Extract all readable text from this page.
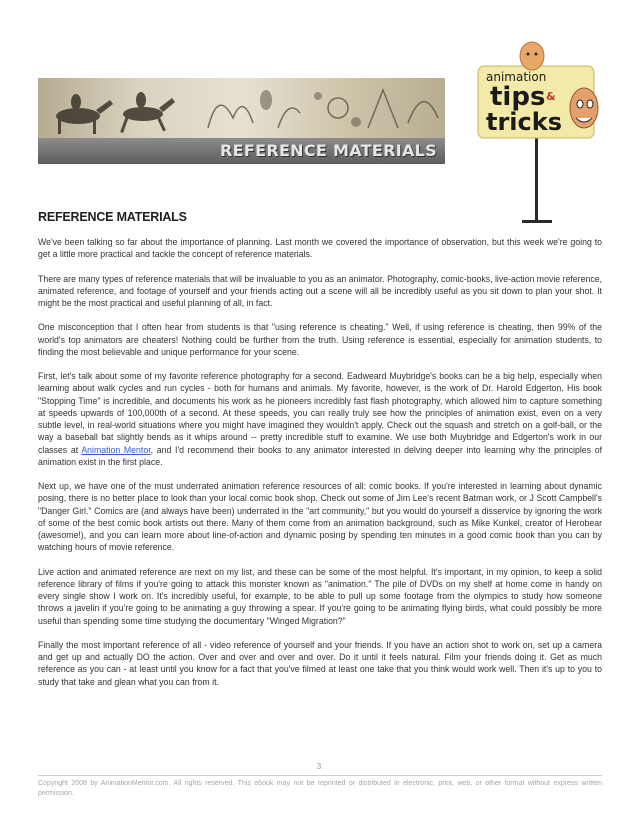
REFERENCE MATERIALS
animation
tips &
tricks
REFERENCE MATERIALS

We've been talking so far about the importance of planning. Last month we covered the importance of observation, but this week we're going to get a little more practical and tackle the concept of reference materials.

There are many types of reference materials that will be invaluable to you as an animator. Photography, comic-books, live-action movie reference, animated reference, and footage of yourself and your friends acting out a scene will all be incredibly useful as you sit down to plan your shot. It might be the most practical and useful planning of all, in fact.

One misconception that I often hear from students is that "using reference is cheating." Well, if using reference is cheating, then 99% of the world's top animators are cheaters! Nothing could be further from the truth. Using reference is essential, especially for animation students, to finding the most believable and unique performance for your scene.

First, let's talk about some of my favorite reference photography for a second. Eadweard Muybridge's books can be a big help, especially when learning about walk cycles and run cycles - both for humans and animals. My favorite, however, is the work of Dr. Harold Edgerton. His book "Stopping Time" is incredible, and documents his work as he pioneers incredibly fast flash photography, which allowed him to capture something at speeds upwards of 100,000th of a second. At these speeds, you can really truly see how the principles of animation exist, even on a very subtle level, in real-world situations where you might have imagined they wouldn't apply. Check out the squash and stretch on a golf-ball, or the way a baseball bat slightly bends as it whips around -- pretty incredible stuff to examine. We use both Muybridge and Edgerton's work in our classes at Animation Mentor, and I'd recommend their books to any animator interested in delving deeper into learning why the principles of animation exist in the first place.

Next up, we have one of the must underrated animation reference resources of all: comic books. If you're interested in learning about dynamic posing, there is no better place to look than your local comic book shop. Check out some of Jim Lee's recent Batman work, or J Scott Campbell's "Danger Girl." Comics are (and always have been) underrated in the "art community," but you would do yourself a disservice by ignoring the work of some of the best comic book artists out there. Many of them come from an animation background, such as Mike Kunkel, creator of Herobear (awesome!), and you can learn more about line-of-action and dynamic posing by spending ten minutes in a good comic book than you can by watching hours of movie reference.

Live action and animated reference are next on my list, and these can be some of the most helpful. It's important, in my opinion, to keep a solid reference library of films if you're going to attack this monster known as "animation." The pile of DVDs on my shelf at home come in handy on every single show I work on. It's incredibly useful, for example, to be able to pull up some footage from the olympics to study how someone throws a javelin if you're going to be animating a guy throwing a spear. If you're going to be animating flying birds, what could possibly be more useful than spending some time studying the documentary "Winged Migration?"

Finally the most important reference of all - video reference of yourself and your friends. If you have an action shot to work on, set up a camera and get up and actually DO the action. Over and over and over and over. Do it until it feels natural. Film your friends doing it. Get as much reference as you can - at least until you know for a fact that you've filmed at least one take that you think would work well. Then it's up to you to study that take and glean what you can from it.

3
Copyright 2008 by AnimationMentor.com. All rights reserved. This ebook may not be reprinted or distributed in electronic, print, web, or other format without express written permission.
